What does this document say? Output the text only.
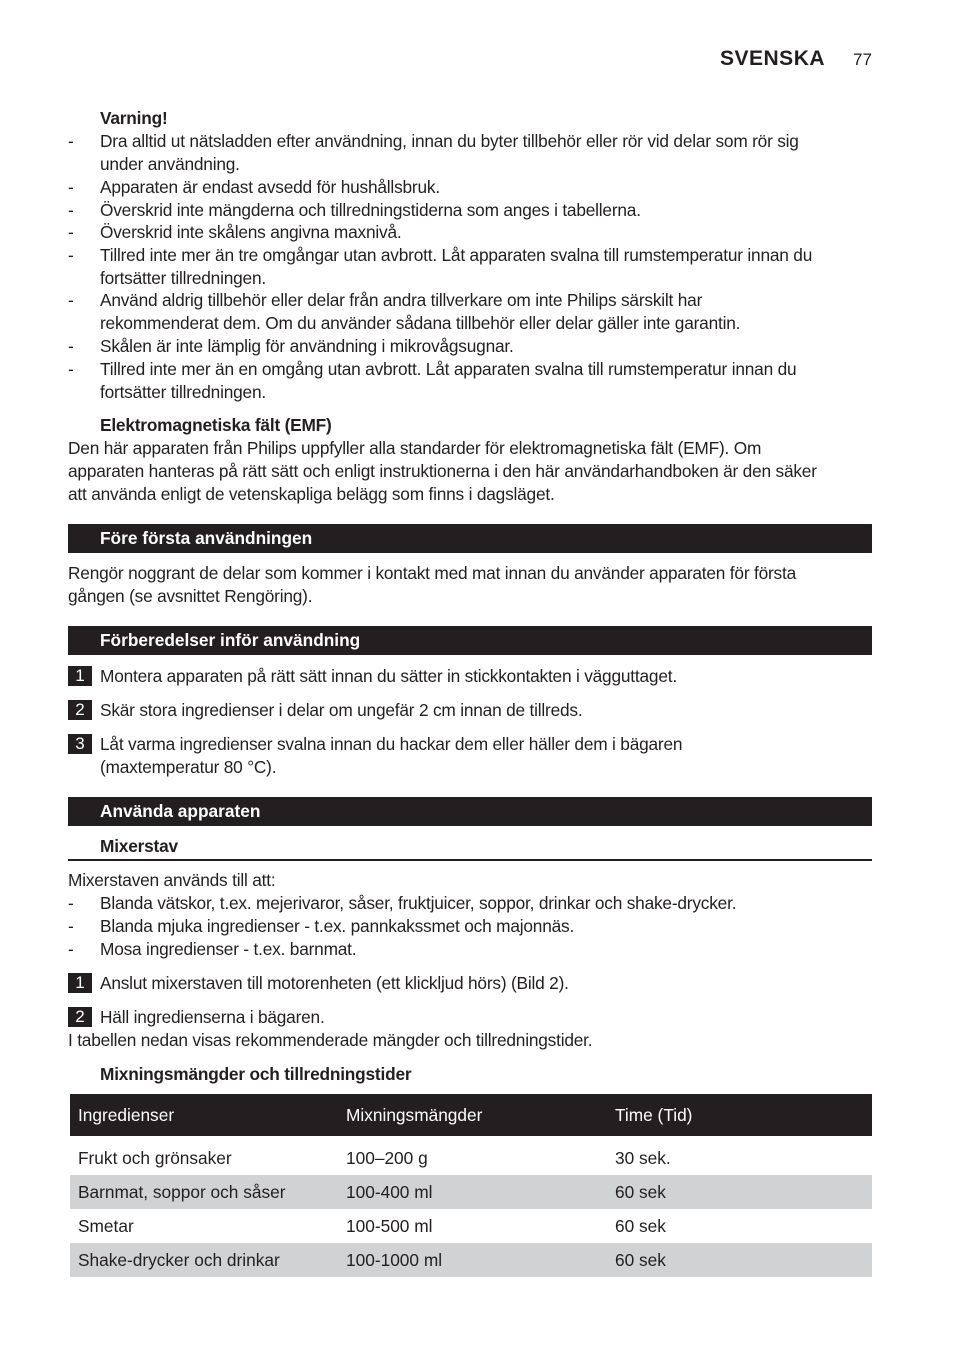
SVENSKA 77
Varning!
-	Dra alltid ut nätsladden efter användning, innan du byter tillbehör eller rör vid delar som rör sig
under användning.
-	Apparaten är endast avsedd för hushållsbruk.
-	Överskrid inte mängderna och tillredningstiderna som anges i tabellerna.
-	Överskrid inte skålens angivna maxnivå.
-	Tillred inte mer än tre omgångar utan avbrott. Låt apparaten svalna till rumstemperatur innan du
fortsätter tillredningen.
-	Använd aldrig tillbehör eller delar från andra tillverkare om inte Philips särskilt har
rekommenderat dem. Om du använder sådana tillbehör eller delar gäller inte garantin.
-	Skålen är inte lämplig för användning i mikrovågsugnar.
-	Tillred inte mer än en omgång utan avbrott. Låt apparaten svalna till rumstemperatur innan du
fortsätter tillredningen.
Elektromagnetiska fält (EMF)
Den här apparaten från Philips uppfyller alla standarder för elektromagnetiska fält (EMF). Om
apparaten hanteras på rätt sätt och enligt instruktionerna i den här användarhandboken är den säker
att använda enligt de vetenskapliga belägg som finns i dagsläget.
Före första användningen
Rengör noggrant de delar som kommer i kontakt med mat innan du använder apparaten för första
gången (se avsnittet Rengöring).
Förberedelser inför användning
1 Montera apparaten på rätt sätt innan du sätter in stickkontakten i vägguttaget.
2 Skär stora ingredienser i delar om ungefär 2 cm innan de tillreds.
3 Låt varma ingredienser svalna innan du hackar dem eller häller dem i bägaren
(maxtemperatur 80 °C).
Använda apparaten
Mixerstav
Mixerstaven används till att:
-	Blanda vätskor, t.ex. mejerivaror, såser, fruktjuicer, soppor, drinkar och shake-drycker.
-	Blanda mjuka ingredienser - t.ex. pannkakssmet och majonnäs.
-	Mosa ingredienser - t.ex. barnmat.
1 Anslut mixerstaven till motorenheten (ett klickljud hörs) (Bild 2).
2 Häll ingredienserna i bägaren.
I tabellen nedan visas rekommenderade mängder och tillredningstider.
Mixningsmängder och tillredningstider
Ingredienser	Mixningsmängder	Time (Tid)

Frukt och grönsaker	100–200 g	30 sek.
Barnmat, soppor och såser	100-400 ml	60 sek
Smetar	100-500 ml	60 sek
Shake-drycker och drinkar	100-1000 ml	60 sek
